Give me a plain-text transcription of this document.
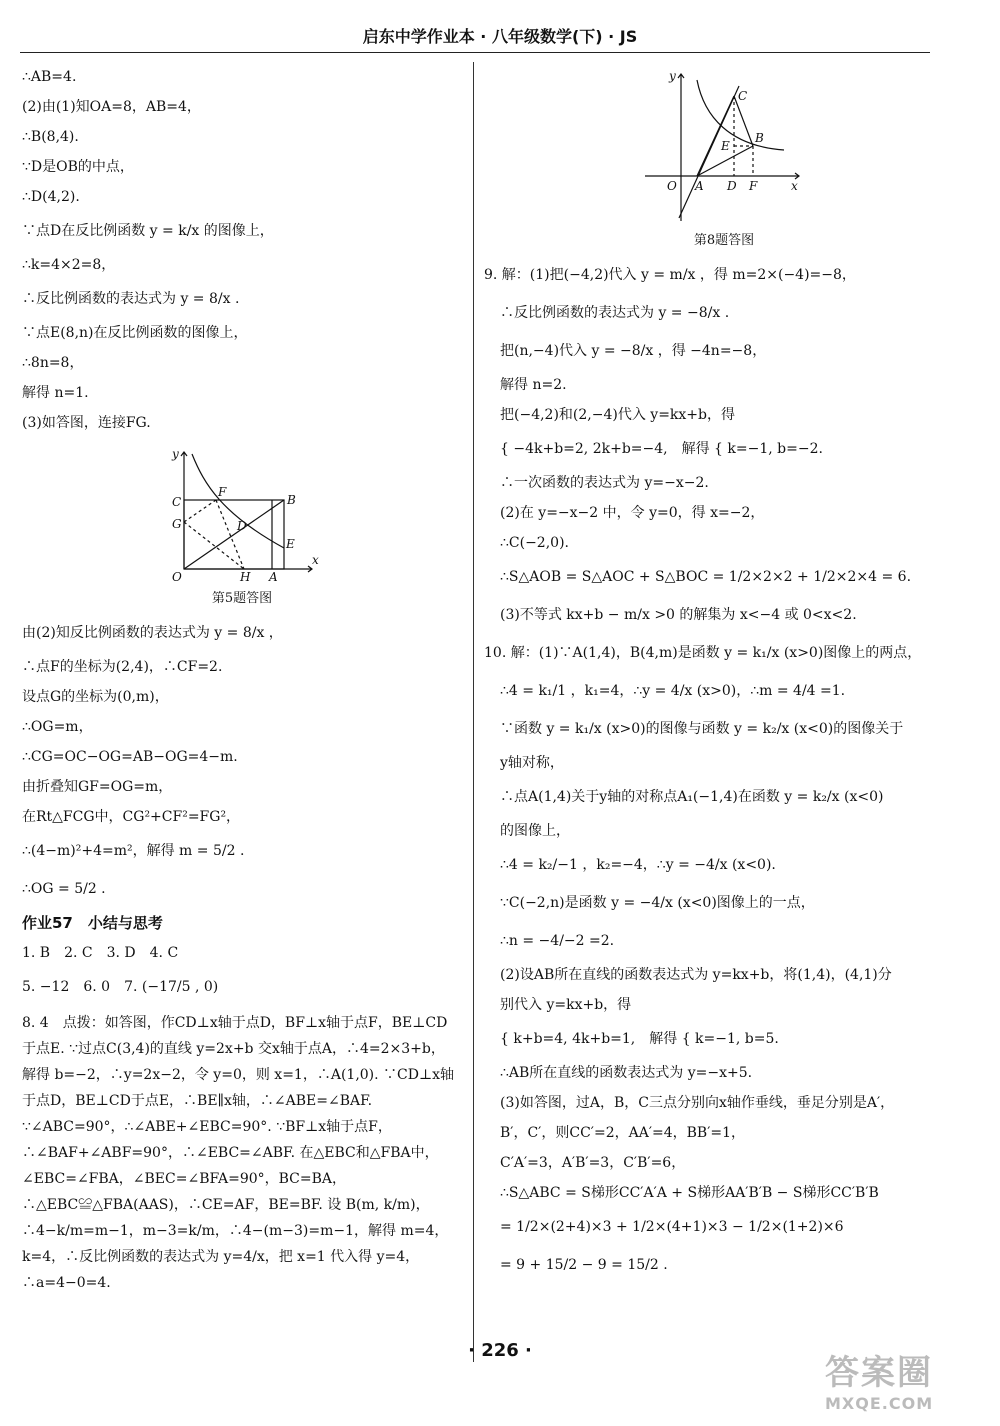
启东中学作业本 · 八年级数学(下) · JS
∴AB=4.
(2)由(1)知OA=8，AB=4，
∴B(8,4).
∵D是OB的中点，
∴D(4,2).
∵点D在反比例函数 y = k/x 的图像上，
∴k=4×2=8，
∴反比例函数的表达式为 y = 8/x .
∵点E(8,n)在反比例函数的图像上，
∴8n=8，
解得 n=1.
(3)如答图，连接FG.
y
x
O
C
G
F
D
B
E
H A
第5题答图
由(2)知反比例函数的表达式为 y = 8/x ，
∴点F的坐标为(2,4)，∴CF=2.
设点G的坐标为(0,m)，
∴OG=m，
∴CG=OC−OG=AB−OG=4−m.
由折叠知GF=OG=m，
在Rt△FCG中，CG²+CF²=FG²，
∴(4−m)²+4=m²，解得 m = 5/2 .
∴OG = 5/2 .
作业57　小结与思考
1. B　2. C　3. D　4. C
5. −12　6. 0　7. (−17/5 , 0)
8. 4　点拨：如答图，作CD⊥x轴于点D，BF⊥x轴于点F，BE⊥CD于点E. ∵过点C(3,4)的直线 y=2x+b 交x轴于点A，∴4=2×3+b，解得 b=−2，∴y=2x−2，令 y=0，则 x=1，∴A(1,0). ∵CD⊥x轴于点D，BE⊥CD于点E，∴BE∥x轴，∴∠ABE=∠BAF. ∵∠ABC=90°，∴∠ABE+∠EBC=90°. ∵BF⊥x轴于点F，∴∠BAF+∠ABF=90°，∴∠EBC=∠ABF. 在△EBC和△FBA中，∠EBC=∠FBA，∠BEC=∠BFA=90°，BC=BA，∴△EBC≌△FBA(AAS)，∴CE=AF，BE=BF. 设 B(m, k/m)，∴4−k/m=m−1，m−3=k/m，∴4−(m−3)=m−1，解得 m=4，k=4，∴反比例函数的表达式为 y=4/x，把 x=1 代入得 y=4，∴a=4−0=4.
y
x
O A D F
C
B
E
第8题答图
9. 解：(1)把(−4,2)代入 y = m/x ，得 m=2×(−4)=−8，
∴反比例函数的表达式为 y = −8/x .
把(n,−4)代入 y = −8/x ，得 −4n=−8，
解得 n=2.
把(−4,2)和(2,−4)代入 y=kx+b，得
{ −4k+b=2, 2k+b=−4,　解得 { k=−1, b=−2.
∴一次函数的表达式为 y=−x−2.
(2)在 y=−x−2 中，令 y=0，得 x=−2，
∴C(−2,0).
∴S△AOB = S△AOC + S△BOC = 1/2×2×2 + 1/2×2×4 = 6.
(3)不等式 kx+b − m/x >0 的解集为 x<−4 或 0<x<2.
10. 解：(1)∵A(1,4)，B(4,m)是函数 y = k₁/x (x>0)图像上的两点，
∴4 = k₁/1 ，k₁=4，∴y = 4/x (x>0)，∴m = 4/4 =1.
∵函数 y = k₁/x (x>0)的图像与函数 y = k₂/x (x<0)的图像关于
y轴对称，
∴点A(1,4)关于y轴的对称点A₁(−1,4)在函数 y = k₂/x (x<0)
的图像上，
∴4 = k₂/−1 ，k₂=−4，∴y = −4/x (x<0).
∵C(−2,n)是函数 y = −4/x (x<0)图像上的一点，
∴n = −4/−2 =2.
(2)设AB所在直线的函数表达式为 y=kx+b，将(1,4)，(4,1)分
别代入 y=kx+b，得
{ k+b=4, 4k+b=1,　解得 { k=−1, b=5.
∴AB所在直线的函数表达式为 y=−x+5.
(3)如答图，过A，B，C三点分别向x轴作垂线，垂足分别是A′，
B′，C′，则CC′=2，AA′=4，BB′=1，
C′A′=3，A′B′=3，C′B′=6，
∴S△ABC = S梯形CC′A′A + S梯形AA′B′B − S梯形CC′B′B
= 1/2×(2+4)×3 + 1/2×(4+1)×3 − 1/2×(1+2)×6
= 9 + 15/2 − 9 = 15/2 .
· 226 ·
答案圈
MXQE.COM
